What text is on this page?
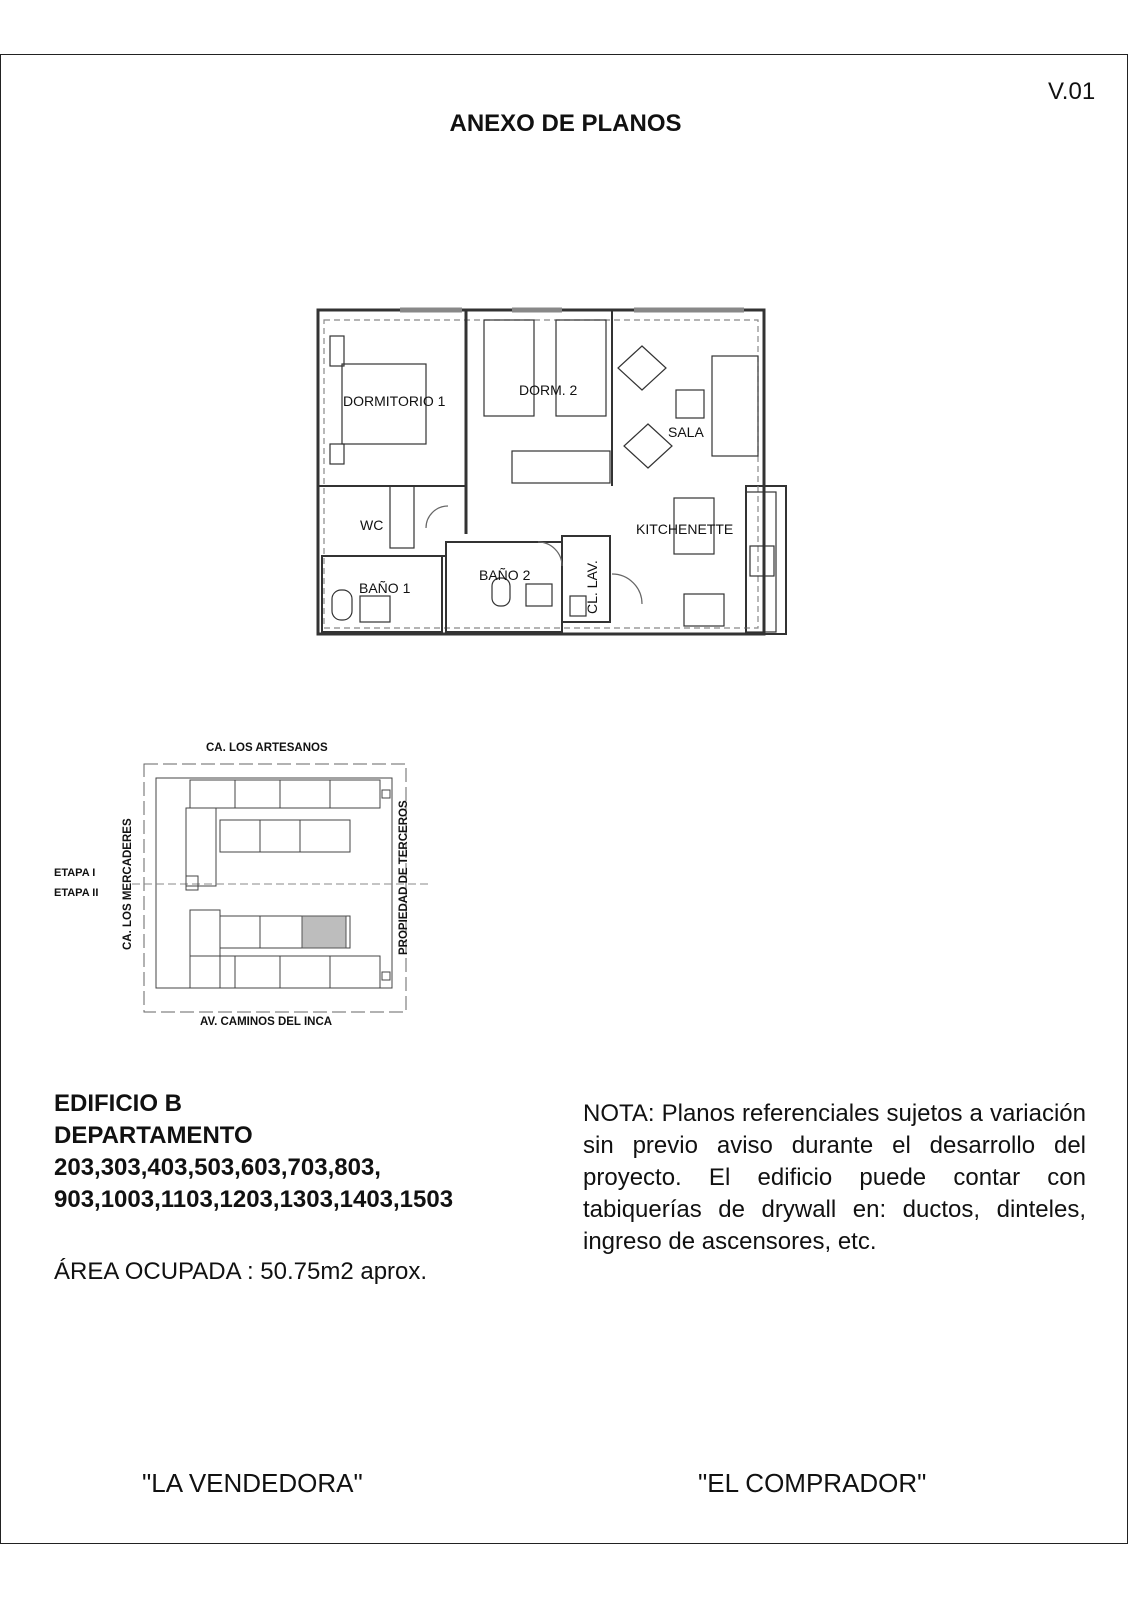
V.01
ANEXO DE PLANOS
DORMITORIO 1
DORM. 2
SALA
WC	KITCHENETTE
BAÑO 1
BAÑO 2	CL. LAV.
CA. LOS ARTESANOS
AV. CAMINOS DEL INCA
CA. LOS MERCADERES	PROPIEDAD DE TERCEROS
ETAPA I
ETAPA II
EDIFICIO B
DEPARTAMENTO
203,303,403,503,603,703,803,
903,1003,1103,1203,1303,1403,1503
ÁREA OCUPADA : 50.75m2 aprox.
NOTA: Planos referenciales sujetos a variación sin previo aviso durante el desarrollo del proyecto. El edificio puede contar con tabiquerías de drywall en: ductos, dinteles, ingreso de ascensores, etc.
"LA VENDEDORA"	"EL COMPRADOR"
